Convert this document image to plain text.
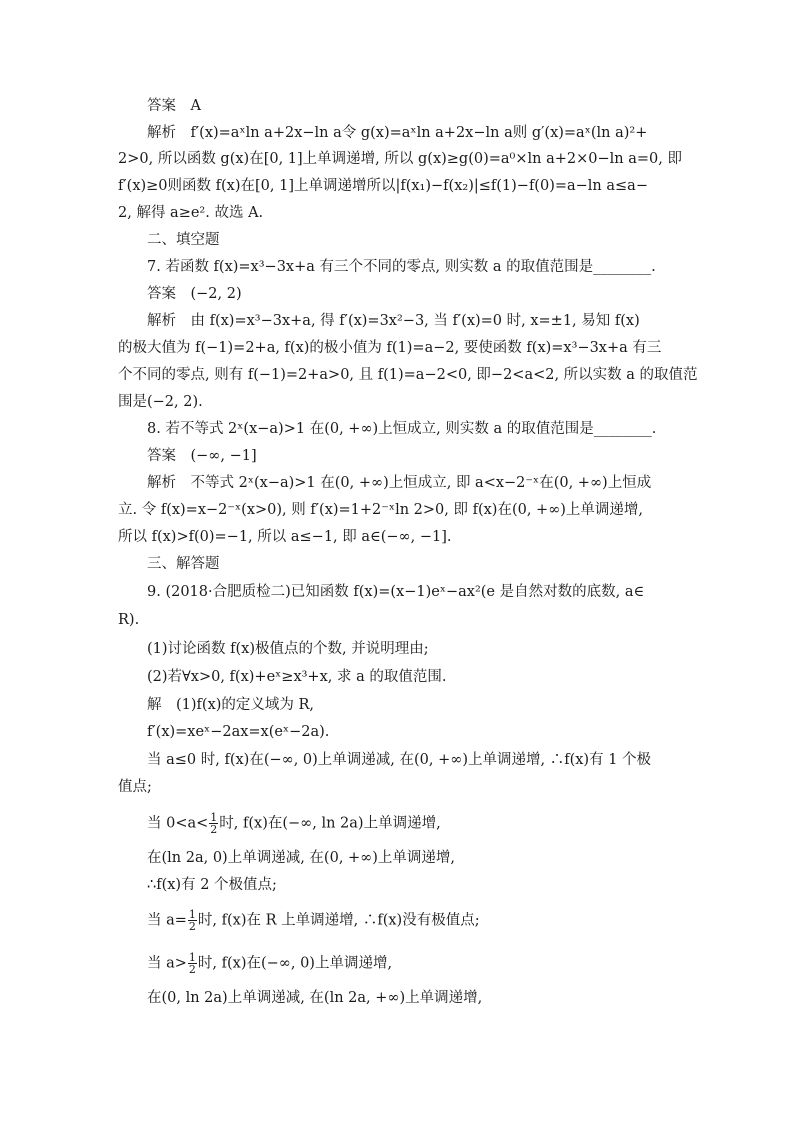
答案　A
解析　f′(x)=aˣln a+2x−ln a令 g(x)=aˣln a+2x−ln a则 g′(x)=aˣ(ln a)²+
2>0, 所以函数 g(x)在[0, 1]上单调递增, 所以 g(x)≥g(0)=a⁰×ln a+2×0−ln a=0, 即
f′(x)≥0则函数 f(x)在[0, 1]上单调递增所以|f(x₁)−f(x₂)|≤f(1)−f(0)=a−ln a≤a−
2, 解得 a≥e². 故选 A.
二、填空题
7. 若函数 f(x)=x³−3x+a 有三个不同的零点, 则实数 a 的取值范围是________.
答案　(−2, 2)
解析　由 f(x)=x³−3x+a, 得 f′(x)=3x²−3, 当 f′(x)=0 时, x=±1, 易知 f(x)
的极大值为 f(−1)=2+a, f(x)的极小值为 f(1)=a−2, 要使函数 f(x)=x³−3x+a 有三
个不同的零点, 则有 f(−1)=2+a>0, 且 f(1)=a−2<0, 即−2<a<2, 所以实数 a 的取值范
围是(−2, 2).
8. 若不等式 2ˣ(x−a)>1 在(0, +∞)上恒成立, 则实数 a 的取值范围是________.
答案　(−∞, −1]
解析　不等式 2ˣ(x−a)>1 在(0, +∞)上恒成立, 即 a<x−2⁻ˣ在(0, +∞)上恒成
立. 令 f(x)=x−2⁻ˣ(x>0), 则 f′(x)=1+2⁻ˣln 2>0, 即 f(x)在(0, +∞)上单调递增,
所以 f(x)>f(0)=−1, 所以 a≤−1, 即 a∈(−∞, −1].
三、解答题
9. (2018·合肥质检二)已知函数 f(x)=(x−1)eˣ−ax²(e 是自然对数的底数, a∈
R).
(1)讨论函数 f(x)极值点的个数, 并说明理由;
(2)若∀x>0, f(x)+eˣ≥x³+x, 求 a 的取值范围.
解　(1)f(x)的定义域为 R,
f′(x)=xeˣ−2ax=x(eˣ−2a).
当 a≤0 时, f(x)在(−∞, 0)上单调递减, 在(0, +∞)上单调递增, ∴f(x)有 1 个极
值点;
当 $0<a< \frac{1}{2}$ 时, f(x)在(−∞, ln 2a)上单调递增,
在(ln 2a, 0)上单调递减, 在(0, +∞)上单调递增,
∴f(x)有 2 个极值点;
当 $a= \frac{1}{2}$ 时, f(x)在 R 上单调递增, ∴f(x)没有极值点;
当 $a> \frac{1}{2}$ 时, f(x)在(−∞, 0)上单调递增,
在(0, ln 2a)上单调递减, 在(ln 2a, +∞)上单调递增,
